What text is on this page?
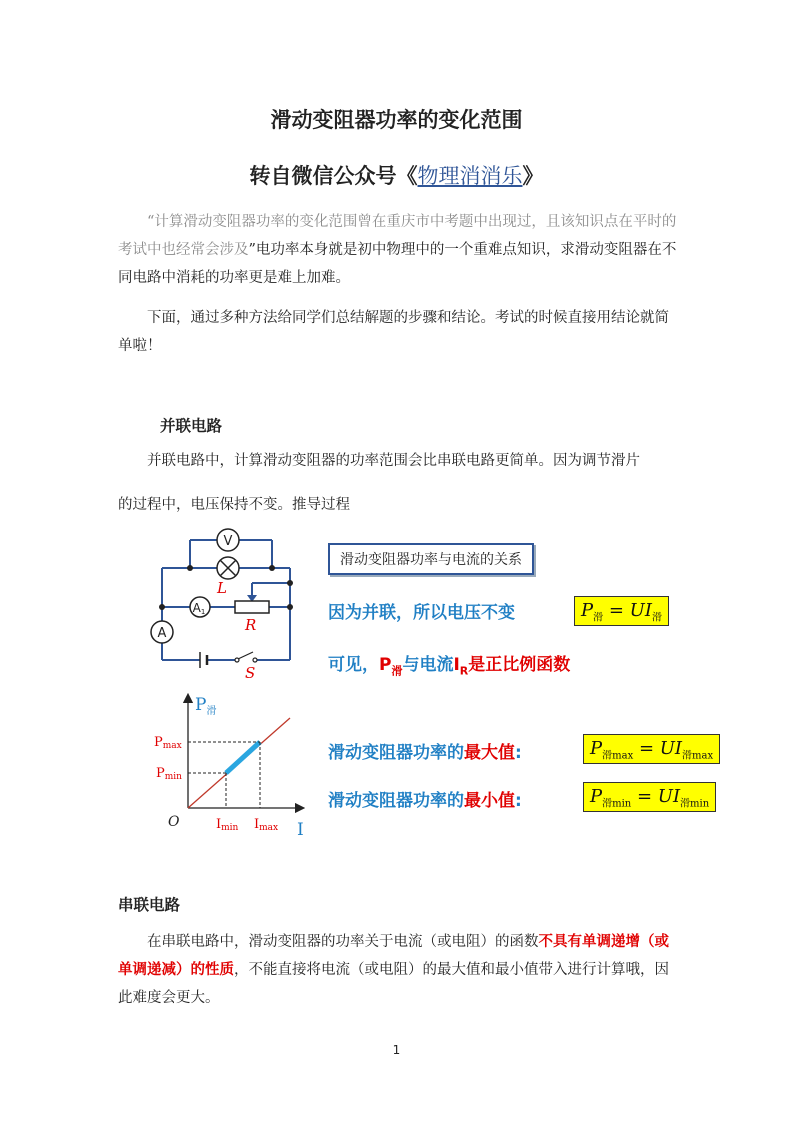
滑动变阻器功率的变化范围
转自微信公众号《物理消消乐》
“计算滑动变阻器功率的变化范围曾在重庆市中考题中出现过，且该知识点在平时的考试中也经常会涉及”电功率本身就是初中物理中的一个重难点知识，求滑动变阻器在不同电路中消耗的功率更是难上加难。
下面，通过多种方法给同学们总结解题的步骤和结论。考试的时候直接用结论就简单啦！
并联电路
并联电路中，计算滑动变阻器的功率范围会比串联电路更简单。因为调节滑片
的过程中，电压保持不变。推导过程
V
A1
A
L
R
S
滑动变阻器功率与电流的关系
因为并联，所以电压不变	$P_滑 = UI_滑$
可见，$P_滑$与电流$I_R$是正比例函数
$P_滑$
I
O
Pmax
Pmin
Imin Imax
滑动变阻器功率的最大值:	$P_{滑max} = UI_{滑max}$
滑动变阻器功率的最小值:	$P_{滑min} = UI_{滑min}$
串联电路
在串联电路中，滑动变阻器的功率关于电流（或电阻）的函数不具有单调递增（或单调递减）的性质，不能直接将电流（或电阻）的最大值和最小值带入进行计算哦，因此难度会更大。
1
